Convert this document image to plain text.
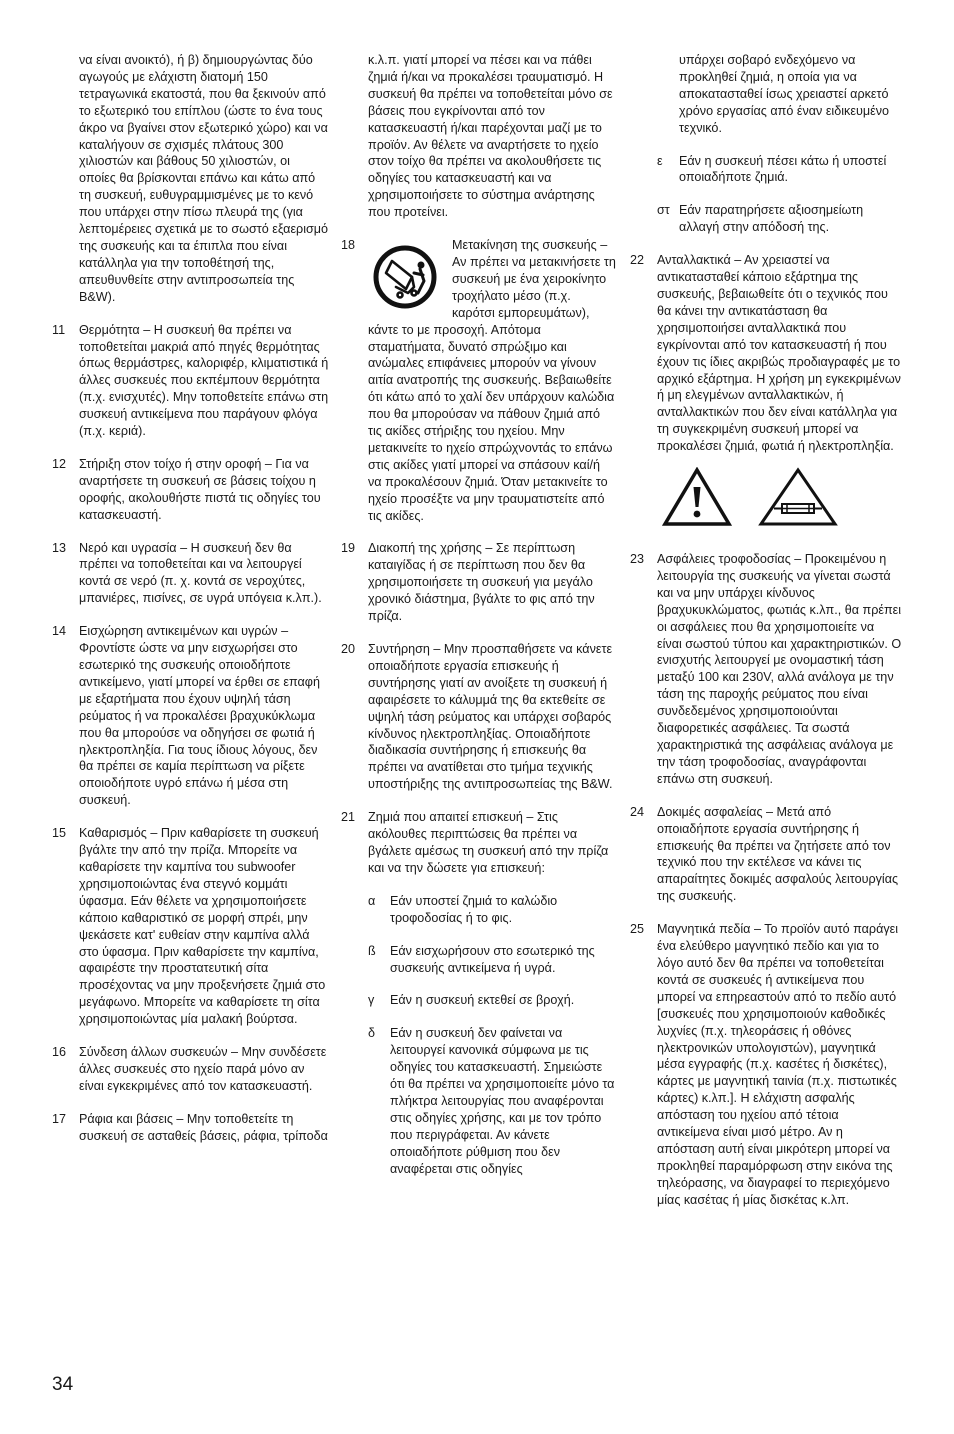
να είναι ανοικτό), ή β) δημιουργώντας δύο αγωγούς με ελάχιστη διατομή 150 τετραγωνικά εκατοστά, που θα ξεκινούν από το εξωτερικό του επίπλου (ώστε το ένα τους άκρο να βγαίνει στον εξωτερικό χώρο) και να καταλήγουν σε σχισμές πλάτους 300 χιλιοστών και βάθους 50 χιλιοστών, οι οποίες θα βρίσκονται επάνω και κάτω από τη συσκευή, ευθυγραμμισμένες με το κενό που υπάρχει στην πίσω πλευρά της (για λεπτομέρειες σχετικά με το σωστό εξαερισμό της συσκευής και τα έπιπλα που είναι κατάλληλα για την τοποθέτησή της, απευθυνθείτε στην αντιπροσωπεία της B&W).

11 Θερμότητα – Η συσκευή θα πρέπει να τοποθετείται μακριά από πηγές θερμότητας όπως θερμάστρες, καλοριφέρ, κλιματιστικά ή άλλες συσκευές που εκπέμπουν θερμότητα (π.χ. ενισχυτές). Μην τοποθετείτε επάνω στη συσκευή αντικείμενα που παράγουν φλόγα (π.χ. κεριά).

12 Στήριξη στον τοίχο ή στην οροφή – Για να αναρτήσετε τη συσκευή σε βάσεις τοίχου η οροφής, ακολουθήστε πιστά τις οδηγίες του κατασκευαστή.

13 Νερό και υγρασία – Η συσκευή δεν θα πρέπει να τοποθετείται και να λειτουργεί κοντά σε νερό (π. χ. κοντά σε νεροχύτες, μπανιέρες, πισίνες, σε υγρά υπόγεια κ.λπ.).

14 Εισχώρηση αντικειμένων και υγρών – Φροντίστε ώστε να μην εισχωρήσει στο εσωτερικό της συσκευής οποιοδήποτε αντικείμενο, γιατί μπορεί να έρθει σε επαφή με εξαρτήματα που έχουν υψηλή τάση ρεύματος ή να προκαλέσει βραχυκύκλωμα που θα μπορούσε να οδηγήσει σε φωτιά ή ηλεκτροπληξία. Για τους ίδιους λόγους, δεν θα πρέπει σε καμία περίπτωση να ρίξετε οποιοδήποτε υγρό επάνω ή μέσα στη συσκευή.

15 Καθαρισμός – Πριν καθαρίσετε τη συσκευή βγάλτε την από την πρίζα. Μπορείτε να καθαρίσετε την καμπίνα του subwoofer χρησιμοποιώντας ένα στεγνό κομμάτι ύφασμα. Εάν θέλετε να χρησιμοποιήσετε κάποιο καθαριστικό σε μορφή σπρέι, μην ψεκάσετε κατ' ευθείαν στην καμπίνα αλλά στο ύφασμα. Πριν καθαρίσετε την καμπίνα, αφαιρέστε την προστατευτική σίτα προσέχοντας να μην προξενήσετε ζημιά στο μεγάφωνο. Μπορείτε να καθαρίσετε τη σίτα χρησιμοποιώντας μία μαλακή βούρτσα.

16 Σύνδεση άλλων συσκευών – Μην συνδέσετε άλλες συσκευές στο ηχείο παρά μόνο αν είναι εγκεκριμένες από τον κατασκευαστή.

17 Ράφια και βάσεις – Μην τοποθετείτε τη συσκευή σε ασταθείς βάσεις, ράφια, τρίποδα

κ.λ.π. γιατί μπορεί να πέσει και να πάθει ζημιά ή/και να προκαλέσει τραυματισμό. Η συσκευή θα πρέπει να τοποθετείται μόνο σε βάσεις που εγκρίνονται από τον κατασκευαστή ή/και παρέχονται μαζί με το προϊόν. Αν θέλετε να αναρτήσετε το ηχείο στον τοίχο θα πρέπει να ακολουθήσετε τις οδηγίες του κατασκευαστή και να χρησιμοποιήσετε το σύστημα ανάρτησης που προτείνει.

18	Μετακίνηση της συσκευής – Αν πρέπει να μετακινήσετε τη συσκευή με ένα χειροκίνητο τροχήλατο μέσο (π.χ. καρότσι εμπορευμάτων), κάντε το με προσοχή. Απότομα σταματήματα, δυνατό σπρώξιμο και ανώμαλες επιφάνειες μπορούν να γίνουν αιτία ανατροπής της συσκευής. Βεβαιωθείτε ότι κάτω από το χαλί δεν υπάρχουν καλώδια που θα μπορούσαν να πάθουν ζημιά από τις ακίδες στήριξης του ηχείου. Μην μετακινείτε το ηχείο σπρώχνοντάς το επάνω στις ακίδες γιατί μπορεί να σπάσουν καί/ή να προκαλέσουν ζημιά. Όταν μετακινείτε το ηχείο προσέξτε να μην τραυματιστείτε από τις ακίδες.
19 Διακοπή της χρήσης – Σε περίπτωση καταιγίδας ή σε περίπτωση που δεν θα χρησιμοποιήσετε τη συσκευή για μεγάλο χρονικό διάστημα, βγάλτε το φις από την πρίζα.

20 Συντήρηση – Μην προσπαθήσετε να κάνετε οποιαδήποτε εργασία επισκευής ή συντήρησης γιατί αν ανοίξετε τη συσκευή ή αφαιρέσετε το κάλυμμά της θα εκτεθείτε σε υψηλή τάση ρεύματος και υπάρχει σοβαρός κίνδυνος ηλεκτροπληξίας. Οποιαδήποτε διαδικασία συντήρησης ή επισκευής θα πρέπει να ανατίθεται στο τμήμα τεχνικής υποστήριξης της αντιπροσωπείας της B&W.

21 Ζημιά που απαιτεί επισκευή – Στις ακόλουθες περιπτώσεις θα πρέπει να βγάλετε αμέσως τη συσκευή από την πρίζα και να την δώσετε για επισκευή:

α Εάν υποστεί ζημιά το καλώδιο τροφοδοσίας ή το φις.

ß Εάν εισχωρήσουν στο εσωτερικό της συσκευής αντικείμενα ή υγρά.

γ Εάν η συσκευή εκτεθεί σε βροχή.

δ Εάν η συσκευή δεν φαίνεται να λειτουργεί κανονικά σύμφωνα με τις οδηγίες του κατασκευαστή. Σημειώστε ότι θα πρέπει να χρησιμοποιείτε μόνο τα πλήκτρα λειτουργίας που αναφέρονται στις οδηγίες χρήσης, και με τον τρόπο που περιγράφεται. Αν κάνετε οποιαδήποτε ρύθμιση που δεν αναφέρεται στις οδηγίες

υπάρχει σοβαρό ενδεχόμενο να προκληθεί ζημιά, η οποία για να αποκατασταθεί ίσως χρειαστεί αρκετό χρόνο εργασίας από έναν ειδικευμένο τεχνικό.

ε Εάν η συσκευή πέσει κάτω ή υποστεί οποιαδήποτε ζημιά.

στ Εάν παρατηρήσετε αξιοσημείωτη αλλαγή στην απόδοσή της.

22 Ανταλλακτικά – Αν χρειαστεί να αντικατασταθεί κάποιο εξάρτημα της συσκευής, βεβαιωθείτε ότι ο τεχνικός που θα κάνει την αντικατάσταση θα χρησιμοποιήσει ανταλλακτικά που εγκρίνονται από τον κατασκευαστή ή που έχουν τις ίδιες ακριβώς προδιαγραφές με το αρχικό εξάρτημα. Η χρήση μη εγκεκριμένων ή μη ελεγμένων ανταλλακτικών, ή ανταλλακτικών που δεν είναι κατάλληλα για τη συγκεκριμένη συσκευή μπορεί να προκαλέσει ζημιά, φωτιά ή ηλεκτροπληξία.

23 Ασφάλειες τροφοδοσίας – Προκειμένου η λειτουργία της συσκευής να γίνεται σωστά και να μην υπάρχει κίνδυνος βραχυκυκλώματος, φωτιάς κ.λπ., θα πρέπει οι ασφάλειες που θα χρησιμοποιείτε να είναι σωστού τύπου και χαρακτηριστικών. Ο ενισχυτής λειτουργεί με ονομαστική τάση μεταξύ 100 και 230V, αλλά ανάλογα με την τάση της παροχής ρεύματος που είναι συνδεδεμένος χρησιμοποιούνται διαφορετικές ασφάλειες. Τα σωστά χαρακτηριστικά της ασφάλειας ανάλογα με την τάση τροφοδοσίας, αναγράφονται επάνω στη συσκευή.

24 Δοκιμές ασφαλείας – Μετά από οποιαδήποτε εργασία συντήρησης ή επισκευής θα πρέπει να ζητήσετε από τον τεχνικό που την εκτέλεσε να κάνει τις απαραίτητες δοκιμές ασφαλούς λειτουργίας της συσκευής.

25 Μαγνητικά πεδία – Το προϊόν αυτό παράγει ένα ελεύθερο μαγνητικό πεδίο και για το λόγο αυτό δεν θα πρέπει να τοποθετείται κοντά σε συσκευές ή αντικείμενα που μπορεί να επηρεαστούν από το πεδίο αυτό [συσκευές που χρησιμοποιούν καθοδικές λυχνίες (π.χ. τηλεοράσεις ή οθόνες ηλεκτρονικών υπολογιστών), μαγνητικά μέσα εγγραφής (π.χ. κασέτες ή δισκέτες), κάρτες με μαγνητική ταινία (π.χ. πιστωτικές κάρτες) κ.λπ.]. Η ελάχιστη ασφαλής απόσταση του ηχείου από τέτοια αντικείμενα είναι μισό μέτρο. Αν η απόσταση αυτή είναι μικρότερη μπορεί να προκληθεί παραμόρφωση στην εικόνα της τηλεόρασης, να διαγραφεί το περιεχόμενο μίας κασέτας ή μίας δισκέτας κ.λπ.

34
